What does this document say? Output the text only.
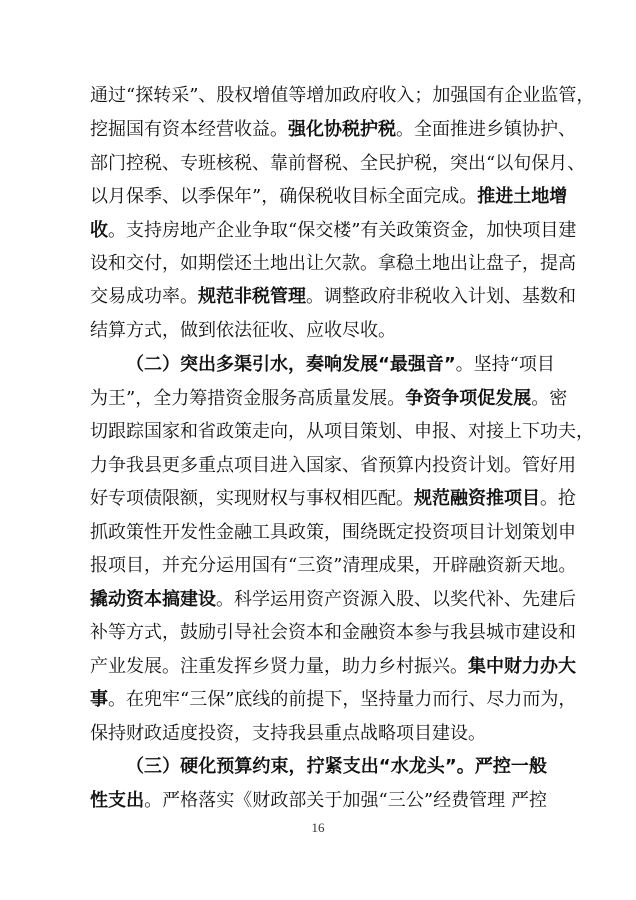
通过“探转采”、股权增值等增加政府收入；加强国有企业监管，
挖掘国有资本经营收益。强化协税护税。全面推进乡镇协护、
部门控税、专班核税、靠前督税、全民护税，突出“以旬保月、
以月保季、以季保年”，确保税收目标全面完成。推进土地增
收。支持房地产企业争取“保交楼”有关政策资金，加快项目建
设和交付，如期偿还土地出让欠款。拿稳土地出让盘子，提高
交易成功率。规范非税管理。调整政府非税收入计划、基数和
结算方式，做到依法征收、应收尽收。
（二）突出多渠引水，奏响发展“最强音”。坚持“项目
为王”，全力筹措资金服务高质量发展。争资争项促发展。密
切跟踪国家和省政策走向，从项目策划、申报、对接上下功夫，
力争我县更多重点项目进入国家、省预算内投资计划。管好用
好专项债限额，实现财权与事权相匹配。规范融资推项目。抢
抓政策性开发性金融工具政策，围绕既定投资项目计划策划申
报项目，并充分运用国有“三资”清理成果，开辟融资新天地。
撬动资本搞建设。科学运用资产资源入股、以奖代补、先建后
补等方式，鼓励引导社会资本和金融资本参与我县城市建设和
产业发展。注重发挥乡贤力量，助力乡村振兴。集中财力办大
事。在兜牢“三保”底线的前提下，坚持量力而行、尽力而为，
保持财政适度投资，支持我县重点战略项目建设。
（三）硬化预算约束，拧紧支出“水龙头”。严控一般
性支出。严格落实《财政部关于加强“三公”经费管理 严控
16
